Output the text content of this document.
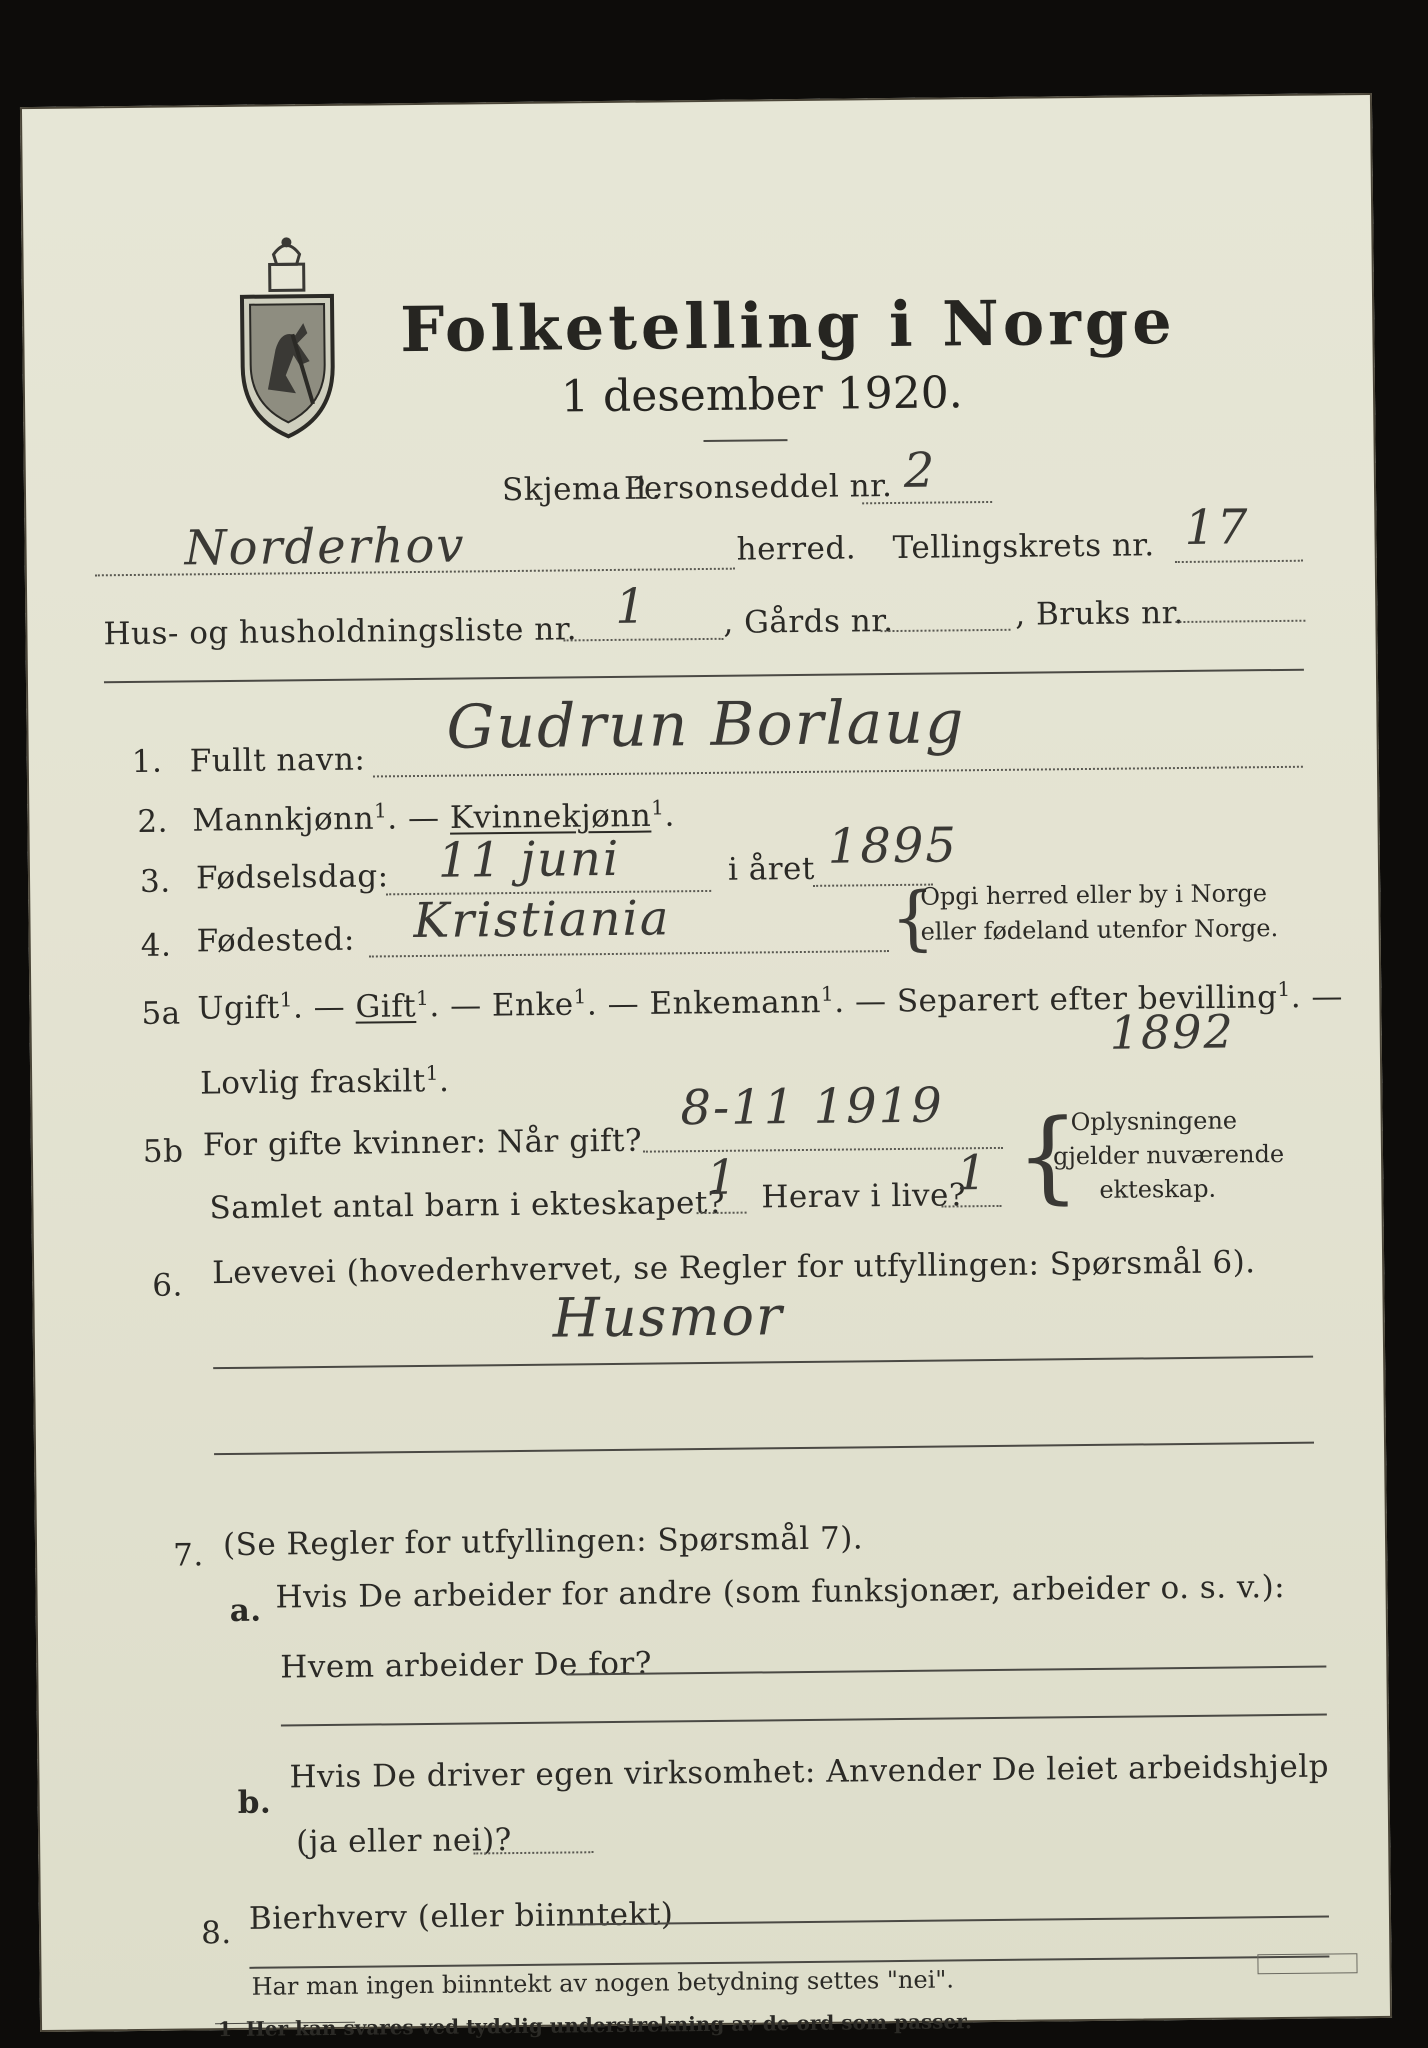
Folketelling i Norge
1 desember 1920.
Skjema 1.
Personseddel nr. 2
Norderhov	herred. Tellingskrets nr. 17
Hus- og husholdningsliste nr. 1 , Gårds nr.	, Bruks nr.
1. Fullt navn: Gudrun Borlaug
2. Mannkjønn$^1$. — Kvinnekjønn$^1$.
3. Fødselsdag: 11 juni	i året 1895
4. Fødested: Kristiania	{
Opgi herred eller by i Norge
eller fødeland utenfor Norge.
5a Ugift$^1$. — Gift$^1$. — Enke$^1$. — Enkemann$^1$. — Separert efter bevilling$^1$. —
Lovlig fraskilt$^1$.
1892
5b For gifte kvinner: Når gift?
8-11 1919
Samlet antal barn i ekteskapet?
1 Herav i live?
1 {
Oplysningene
gjelder nuværende
ekteskap.
6. Levevei (hovederhvervet, se Regler for utfyllingen: Spørsmål 6).
Husmor
7. (Se Regler for utfyllingen: Spørsmål 7).
a. Hvis De arbeider for andre (som funksjonær, arbeider o. s. v.):
Hvem arbeider De for?
b.
Hvis De driver egen virksomhet: Anvender De leiet arbeidshjelp
(ja eller nei)?
8. Bierhverv (eller biinntekt)
Har man ingen biinntekt av nogen betydning settes "nei".
1 Her kan svares ved tydelig understrekning av de ord som passer.
